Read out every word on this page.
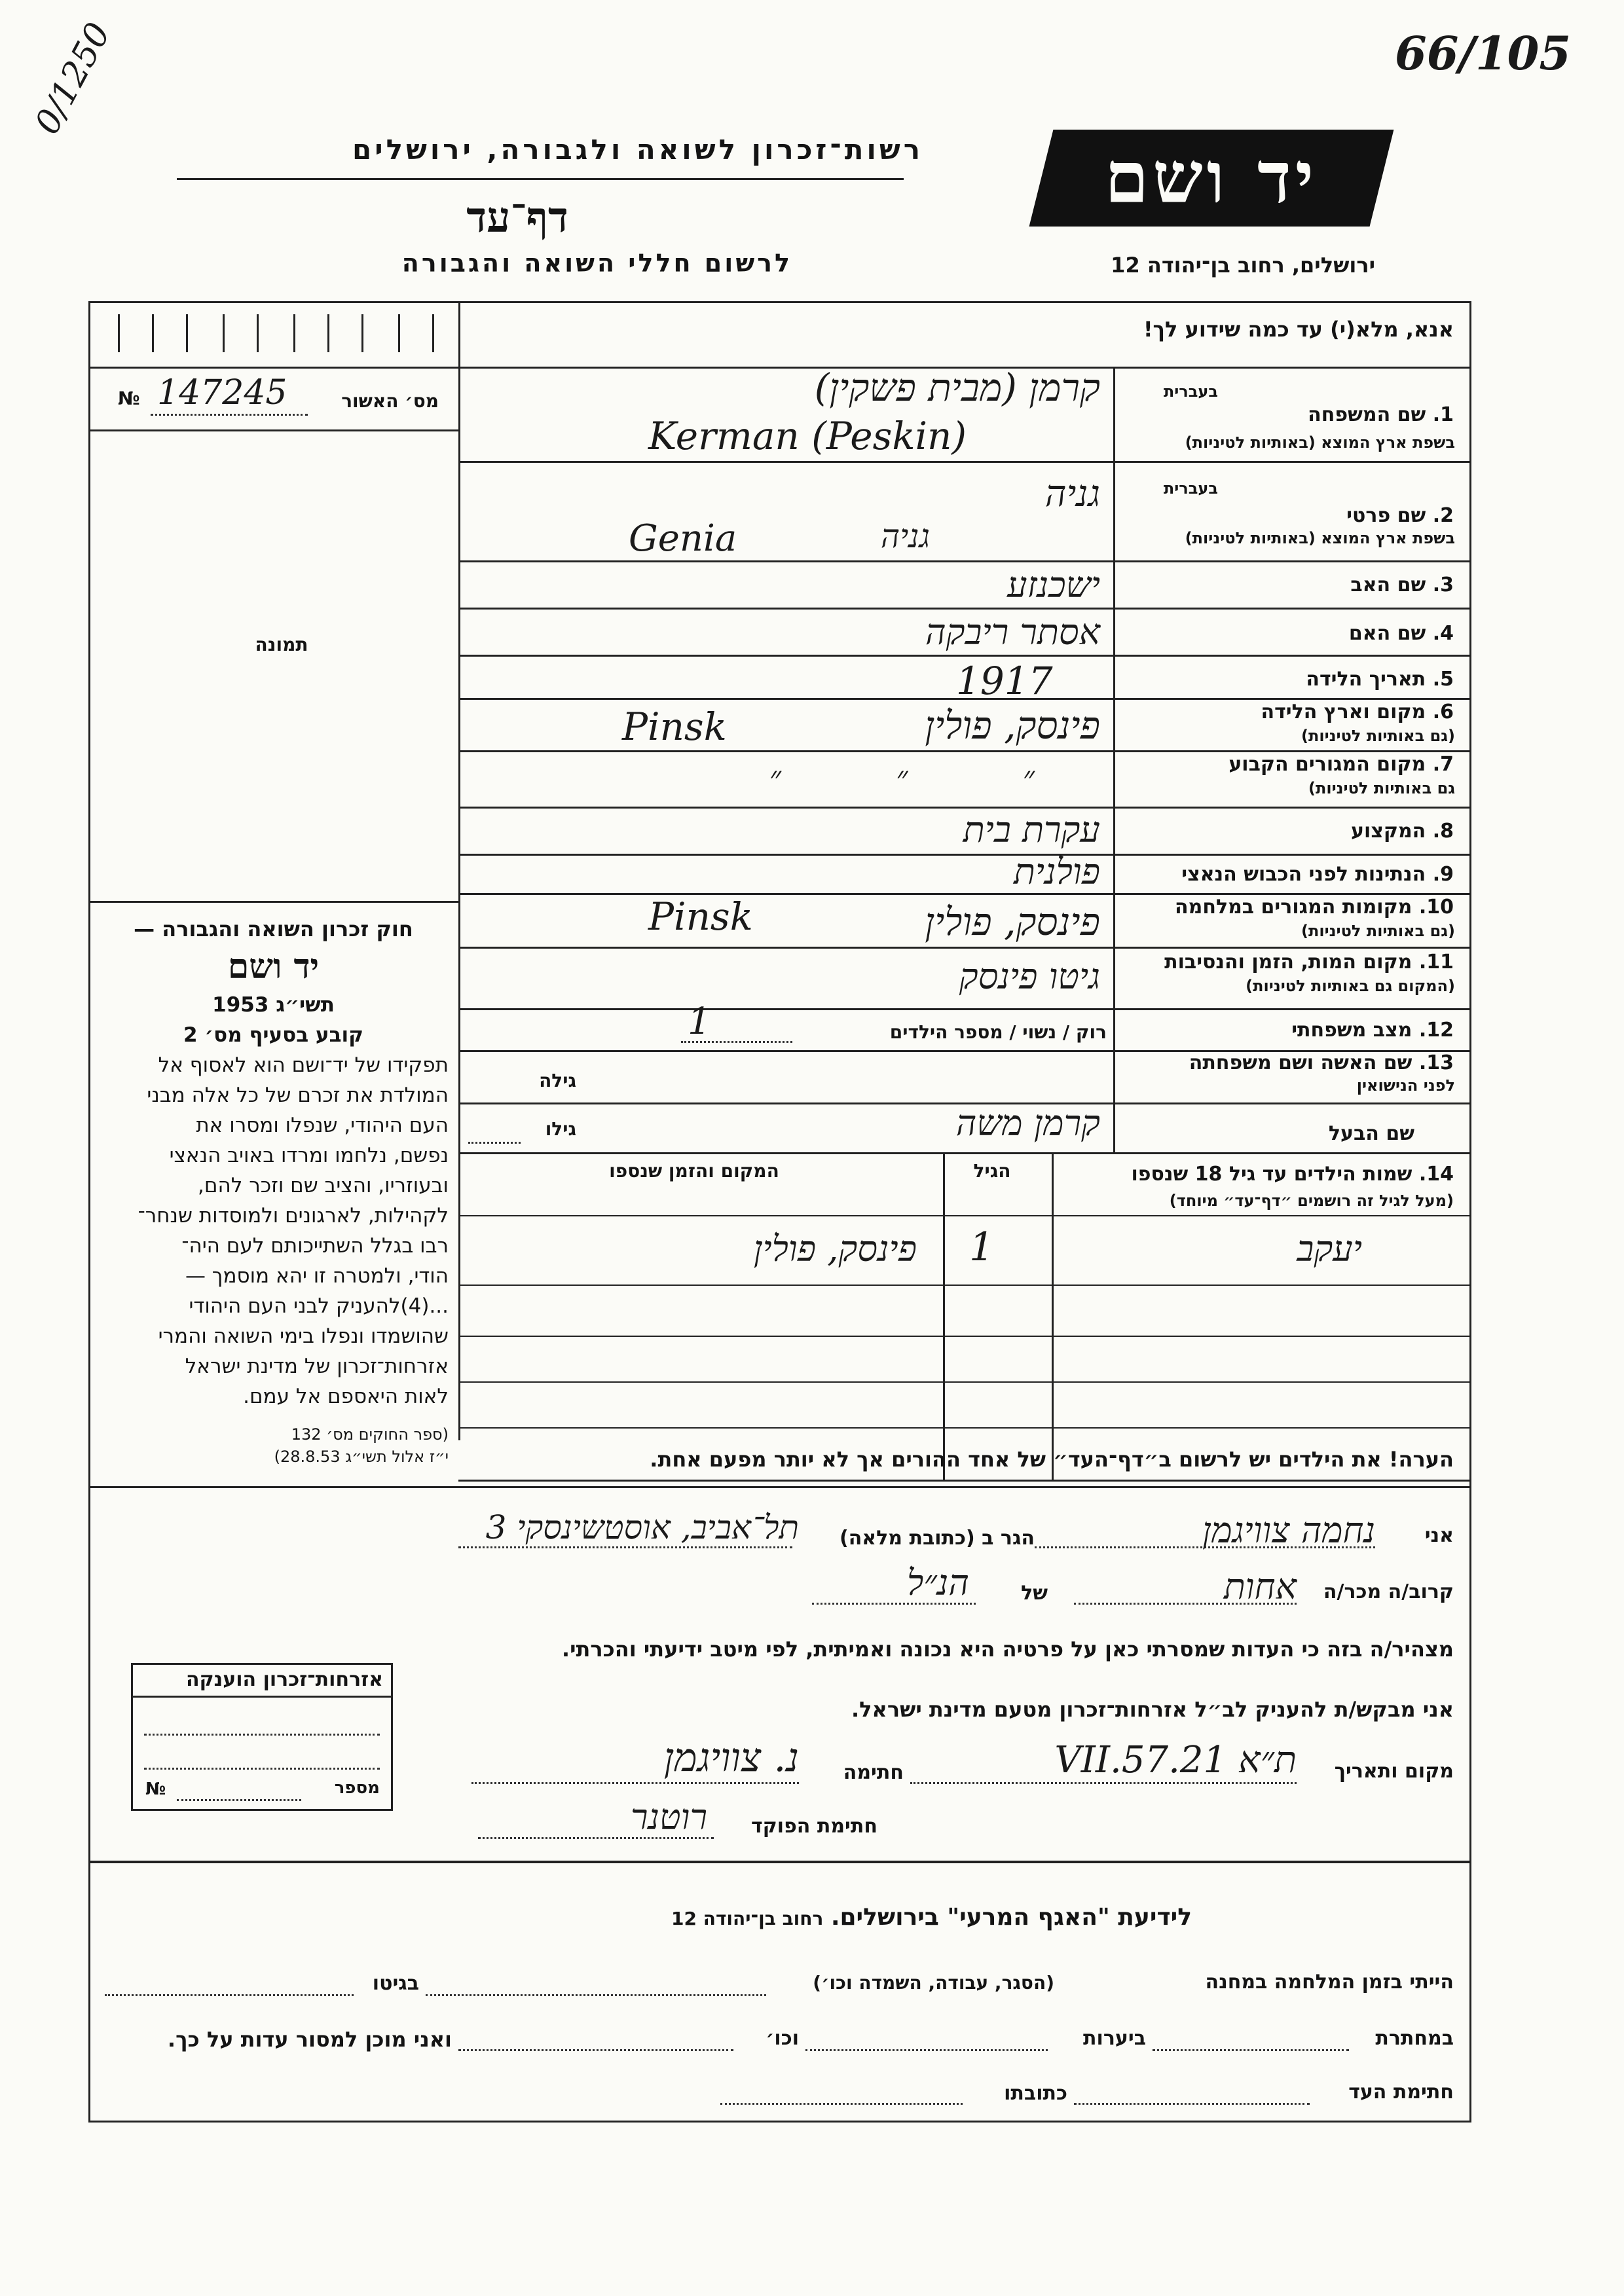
66/105
0/1250
רשות־זכרון לשואה ולגבורה, ירושלים
דף־עד
לרשום חללי השואה והגבורה
יד ושם
ירושלים, רחוב בן־יהודה 12
№ 147245	מס׳ האשור
תמונה

חוק זכרון השואה והגבורה —

יד ושם

תשי״ג 1953

קובע בסעיף מס׳ 2

תפקידו של יד־ושם הוא לאסוף אל

המולדת את זכרם של כל אלה מבני

העם היהודי, שנפלו ומסרו את

נפשם, נלחמו ומרדו באויב הנאצי

ובעוזריו, והציב שם וזכר להם,

לקהילות, לארגונים ולמוסדות שנחר־

רבו בגלל השתייכותם לעם היה־

הודי, ולמטרה זו יהא מוסמך —

...(4)להעניק לבני העם היהודי

שהושמדו ונפלו בימי השואה והמרי

אזרחות־זכרון של מדינת ישראל

לאות היאספם אל עמם.

(ספר החוקים מס׳ 132

י״ז אלול תשי״ג 28.8.53)

אנא, מלא(י) עד כמה שידוע לך!
בעברית
1. שם המשפחה
בשפת ארץ המוצא (באותיות לטיניות)
קרמן (מבית פשקין)
Kerman (Peskin)
בעברית
2. שם פרטי
בשפת ארץ המוצא (באותיות לטיניות)
גניה
גניה
Genia
3. שם האב
ישכנזע
4. שם האם
אסתר ריבקה
5. תאריך הלידה
1917
6. מקום וארץ הלידה
(גם באותיות לטיניות)
פינסק, פולין
Pinsk
7. מקום המגורים הקבוע
גם באותיות לטיניות)
״ ״ ״
8. המקצוע
עקרת בית
9. הנתינות לפני הכבוש הנאצי
פולנית
10. מקומות המגורים במלחמה
(גם באותיות לטיניות)
פינסק, פולין
Pinsk
11. מקום המות, הזמן והנסיבות
(המקום גם באותיות לטיניות)
גיטו פינסק
12. מצב משפחתי
רוק / נשוי / מספר הילדים
1
13. שם האשה ושם משפחתה
לפני הנישואין
גילה
שם הבעל
גילו	קרמן משה
14. שמות הילדים עד גיל 18 שנספו
(מעל לגיל זה רושמים ״דף־עד״ מיוחד)
הגיל
המקום והזמן שנספו
יעקב
1
פינסק, פולין
הערה! את הילדים יש לרשום ב״דף־העד״ של אחד ההורים אך לא יותר מפעם אחת.
אני
נחמה צוויגמן
הגר ב (כתובת מלאה)
תל־אביב, אוסטשינסקי 3
קרוב/ה מכר/ה
אחות
של
הנ״ל
מצהיר/ה בזה כי העדות שמסרתי כאן על פרטיה היא נכונה ואמיתית, לפי מיטב ידיעתי והכרתי.
אני מבקש/ת להעניק לב״ל אזרחות־זכרון מטעם מדינת ישראל.
מקום ותאריך
ת״א 21.VII.57
חתימה
נ. צוויגמן
חתימת הפוקד
רוטנר
אזרחות־זכרון הוענקה
מספר
№
לידיעת "האגף המרעי" בירושלים. רחוב בן־יהודה 12
הייתי בזמן המלחמה במחנה
(הסגר, עבודה, השמדה וכו׳)
בגיטו
במחתרת
ביערות
וכו׳
ואני מוכן למסור עדות על כך.
חתימת העד
כתובתו
